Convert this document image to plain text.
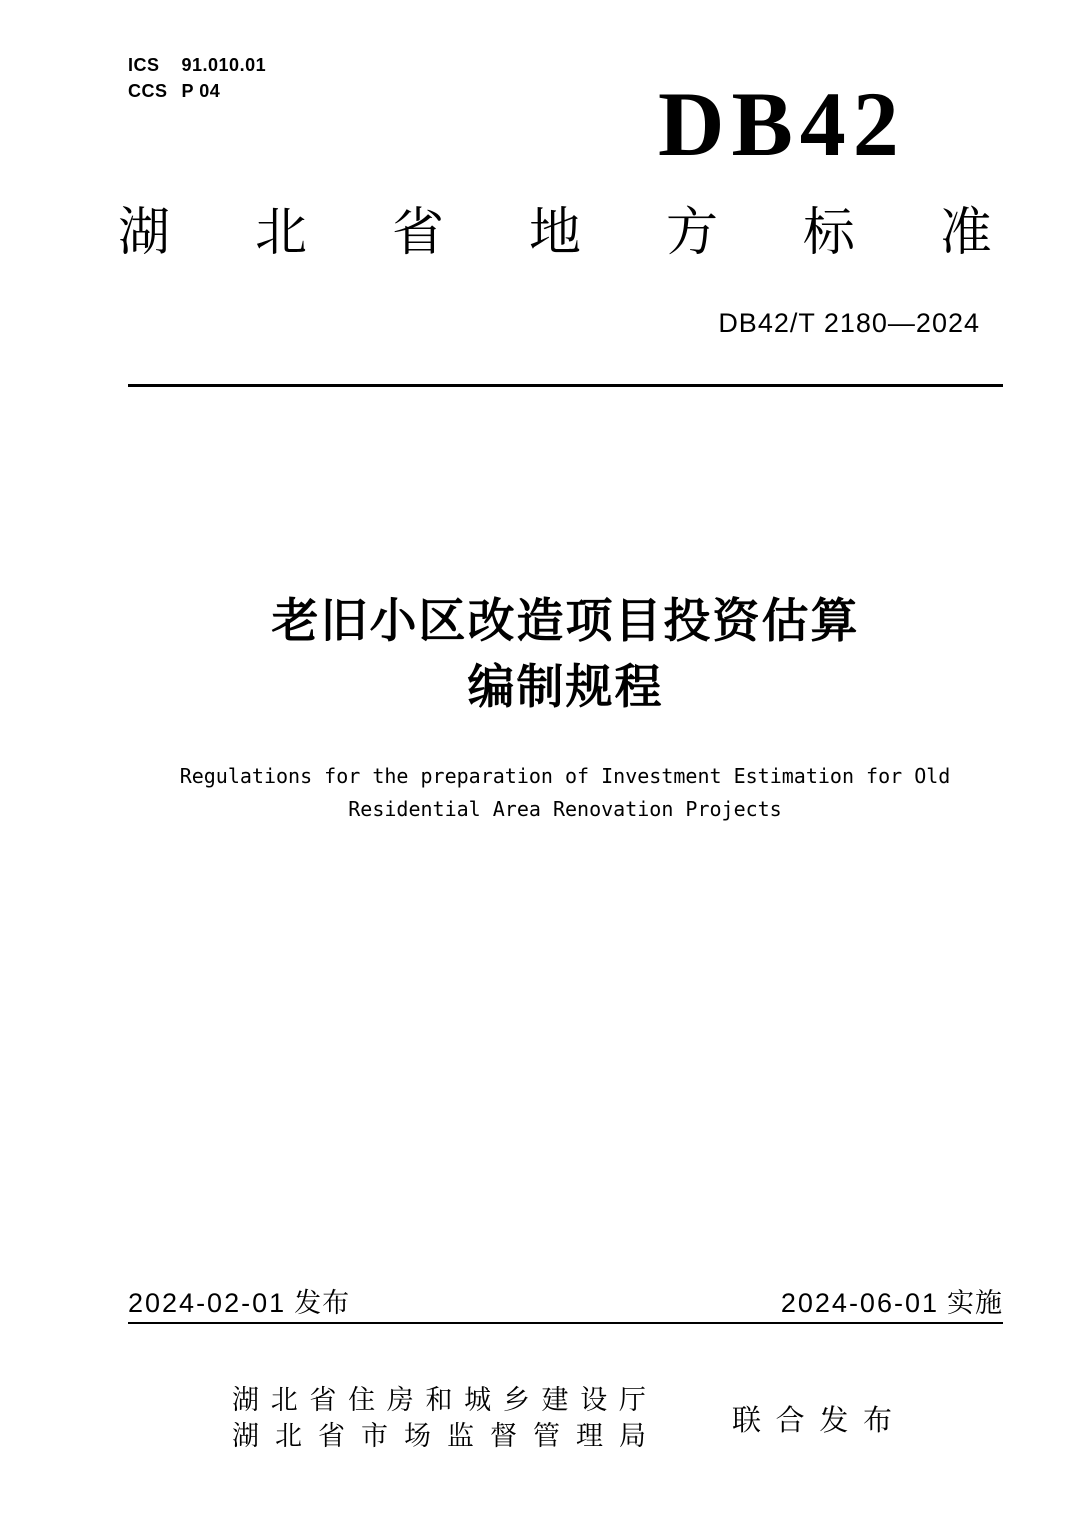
ICS 91.010.01
CCS P 04	DB42
湖 北 省 地 方 标 准
DB42/T 2180—2024
老旧小区改造项目投资估算
编制规程

Regulations for the preparation of Investment Estimation for Old
Residential Area Renovation Projects

2024-02-01 发布	2024-06-01 实施
湖 北 省 住 房 和 城 乡 建 设 厅
湖 北 省 市 场 监 督 管 理 局	联 合 发 布
